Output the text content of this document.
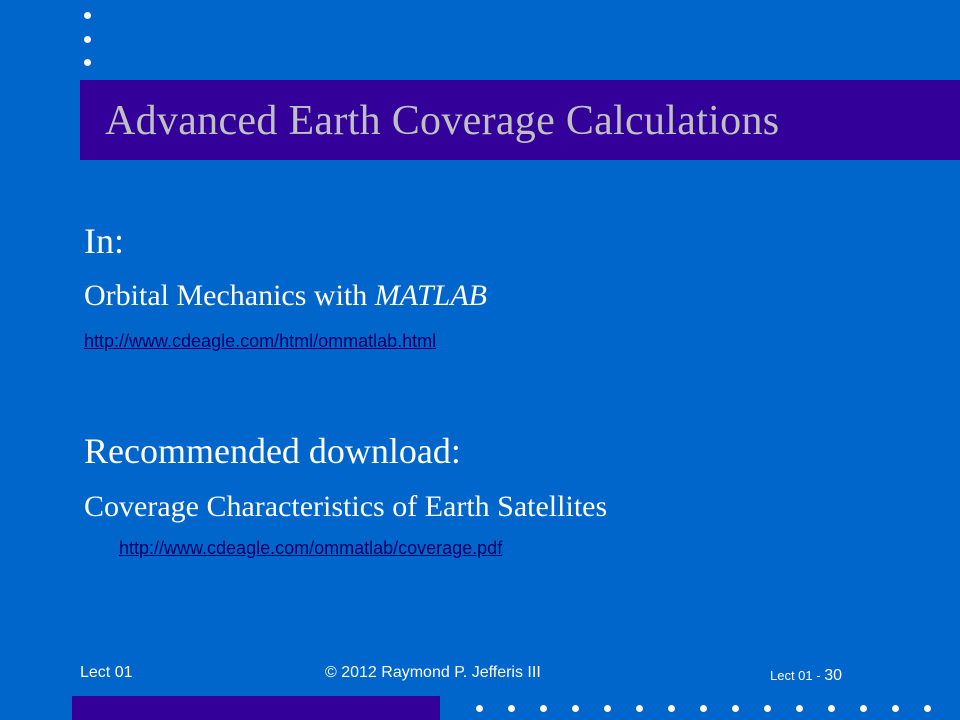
Advanced Earth Coverage Calculations
In:
Orbital Mechanics with MATLAB
http://www.cdeagle.com/html/ommatlab.html
Recommended download:
Coverage Characteristics of Earth Satellites
http://www.cdeagle.com/ommatlab/coverage.pdf
Lect 01	© 2012 Raymond P. Jefferis III	Lect 01 - 30
